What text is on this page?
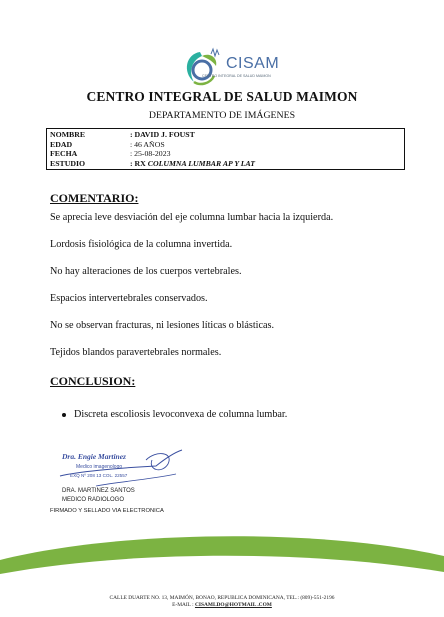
CISAM
CENTRO INTEGRAL DE SALUD MAIMON
CENTRO INTEGRAL DE SALUD MAIMON
DEPARTAMENTO DE IMÁGENES
NOMBRE	: DAVID J. FOUST
EDAD	: 46 AÑOS
FECHA	: 25-08-2023
ESTUDIO	: RX COLUMNA LUMBAR AP Y LAT
COMENTARIO:
Se aprecia leve desviación del eje columna lumbar hacia la izquierda.
Lordosis fisiológica de la columna invertida.
No hay alteraciones de los cuerpos vertebrales.
Espacios intervertebrales conservados.
No se observan fracturas, ni lesiones líticas o blásticas.
Tejidos blandos paravertebrales normales.
CONCLUSION:
Discreta escoliosis levoconvexa de columna lumbar.
Dra. Engie Martinez
Medico imagenologo
EXQ Nº 208 13 COL. 22557
DRA. MARTINEZ SANTOS
MEDICO RADIOLOGO
FIRMADO Y SELLADO VIA ELECTRONICA
CALLE DUARTE NO. 13, MAIMÓN, BONAO, REPUBLICA DOMINICANA, TEL.: (809)-551-2196
E-MAIL : CISAMLDO@HOTMAIL .COM
